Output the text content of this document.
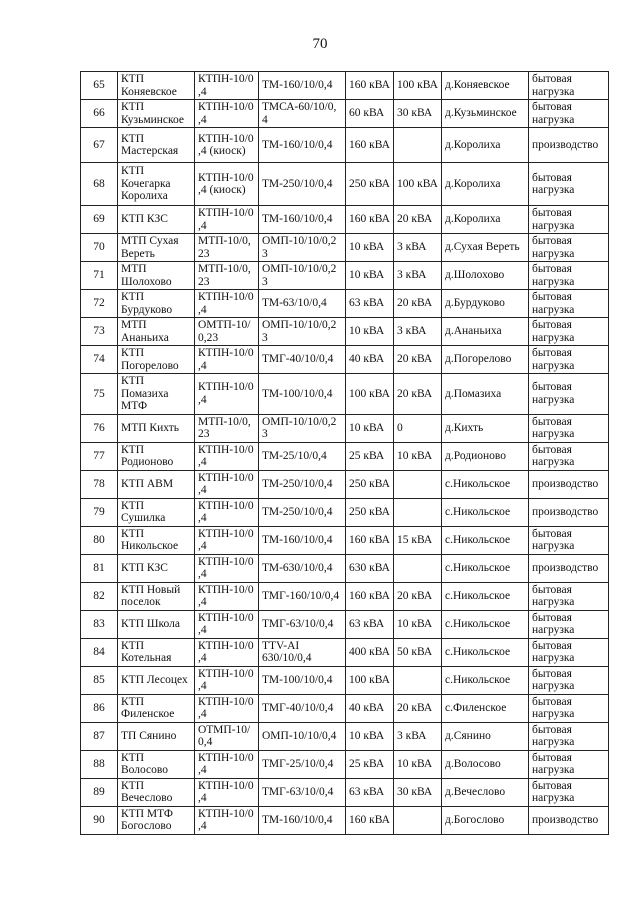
70
65	КТП Коняевское	КТПН-10/0,4	ТМ-160/10/0,4	160 кВА	100 кВА	д.Коняевское	бытовая нагрузка
66	КТП Кузьминское	КТПН-10/0,4	ТМСА-60/10/0,4	60 кВА	30 кВА	д.Кузьминское	бытовая нагрузка
67	КТП Мастерская	КТПН-10/0,4 (киоск)	ТМ-160/10/0,4	160 кВА		д.Королиха	производство
68	КТП Кочегарка Королиха	КТПН-10/0,4 (киоск)	ТМ-250/10/0,4	250 кВА	100 кВА	д.Королиха	бытовая нагрузка
69	КТП КЗС	КТПН-10/0,4	ТМ-160/10/0,4	160 кВА	20 кВА	д.Королиха	бытовая нагрузка
70	МТП Сухая Вереть	МТП-10/0,23	ОМП-10/10/0,23	10 кВА	3 кВА	д.Сухая Вереть	бытовая нагрузка
71	МТП Шолохово	МТП-10/0,23	ОМП-10/10/0,23	10 кВА	3 кВА	д.Шолохово	бытовая нагрузка
72	КТП Бурдуково	КТПН-10/0,4	ТМ-63/10/0,4	63 кВА	20 кВА	д.Бурдуково	бытовая нагрузка
73	МТП Ананьиха	ОМТП-10/0,23	ОМП-10/10/0,23	10 кВА	3 кВА	д.Ананьиха	бытовая нагрузка
74	КТП Погорелово	КТПН-10/0,4	ТМГ-40/10/0,4	40 кВА	20 кВА	д.Погорелово	бытовая нагрузка
75	КТП Помазиха МТФ	КТПН-10/0,4	ТМ-100/10/0,4	100 кВА	20 кВА	д.Помазиха	бытовая нагрузка
76	МТП Кихть	МТП-10/0,23	ОМП-10/10/0,23	10 кВА	0	д.Кихть	бытовая нагрузка
77	КТП Родионово	КТПН-10/0,4	ТМ-25/10/0,4	25 кВА	10 кВА	д.Родионово	бытовая нагрузка
78	КТП АВМ	КТПН-10/0,4	ТМ-250/10/0,4	250 кВА		с.Никольское	производство
79	КТП Сушилка	КТПН-10/0,4	ТМ-250/10/0,4	250 кВА		с.Никольское	производство
80	КТП Никольское	КТПН-10/0,4	ТМ-160/10/0,4	160 кВА	15 кВА	с.Никольское	бытовая нагрузка
81	КТП КЗС	КТПН-10/0,4	ТМ-630/10/0,4	630 кВА		с.Никольское	производство
82	КТП Новый поселок	КТПН-10/0,4	ТМГ-160/10/0,4	160 кВА	20 кВА	с.Никольское	бытовая нагрузка
83	КТП Школа	КТПН-10/0,4	ТМГ-63/10/0,4	63 кВА	10 кВА	с.Никольское	бытовая нагрузка
84	КТП Котельная	КТПН-10/0,4	ТТV-AI 630/10/0,4	400 кВА	50 кВА	с.Никольское	бытовая нагрузка
85	КТП Лесоцех	КТПН-10/0,4	ТМ-100/10/0,4	100 кВА		с.Никольское	бытовая нагрузка
86	КТП Филенское	КТПН-10/0,4	ТМГ-40/10/0,4	40 кВА	20 кВА	с.Филенское	бытовая нагрузка
87	ТП Сянино	ОТМП-10/0,4	ОМП-10/10/0,4	10 кВА	3 кВА	д.Сянино	бытовая нагрузка
88	КТП Волосово	КТПН-10/0,4	ТМГ-25/10/0,4	25 кВА	10 кВА	д.Волосово	бытовая нагрузка
89	КТП Вечеслово	КТПН-10/0,4	ТМГ-63/10/0,4	63 кВА	30 кВА	д.Вечеслово	бытовая нагрузка
90	КТП МТФ Богослово	КТПН-10/0,4	ТМ-160/10/0,4	160 кВА		д.Богослово	производство
